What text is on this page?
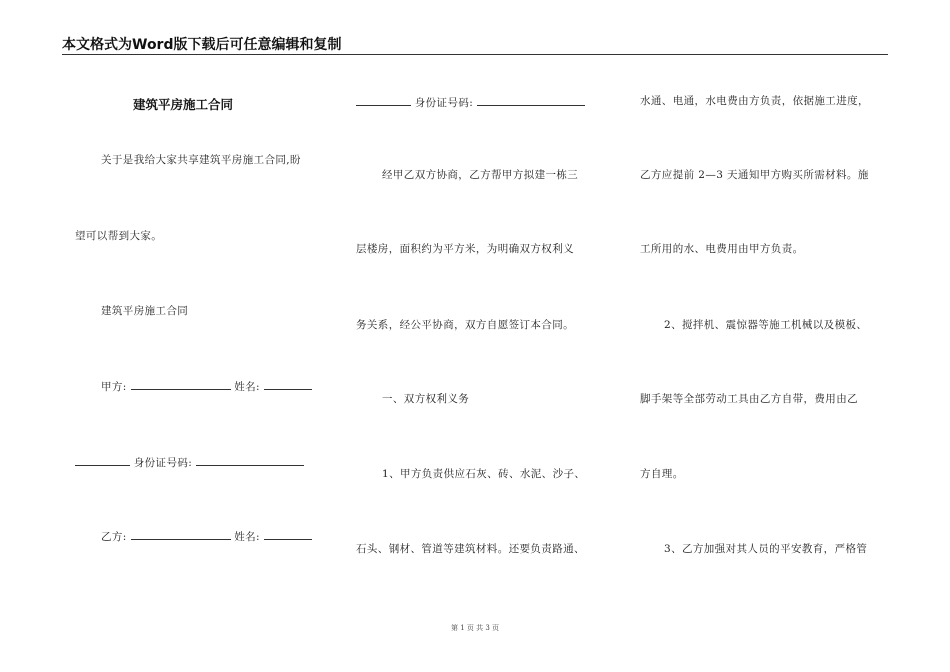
本文格式为Word版下载后可任意编辑和复制
建筑平房施工合同
关于是我给大家共享建筑平房施工合同,盼
望可以帮到大家。
建筑平房施工合同
甲方:	姓名:
身份证号码:
乙方:	姓名:
身份证号码:
经甲乙双方协商，乙方帮甲方拟建一栋三
层楼房，面积约为平方米，为明确双方权利义
务关系，经公平协商，双方自愿签订本合同。
一、双方权利义务
1、甲方负责供应石灰、砖、水泥、沙子、
石头、钢材、管道等建筑材料。还要负责路通、
水通、电通，水电费由方负责，依据施工进度，
乙方应提前 2—3 天通知甲方购买所需材料。施
工所用的水、电费用由甲方负责。
2、搅拌机、震惊器等施工机械以及模板、
脚手架等全部劳动工具由乙方自带，费用由乙
方自理。
3、乙方加强对其人员的平安教育，严格管
第 1 页 共 3 页
